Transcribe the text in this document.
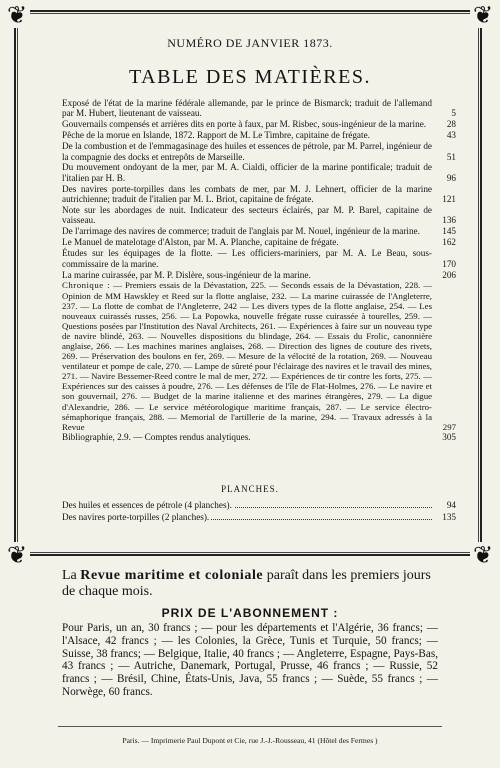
❦	❦
❦	❦
NUMÉRO DE JANVIER 1873.
TABLE DES MATIÈRES.
Exposé de l'état de la marine fédérale allemande, par le prince de Bismarck; traduit de l'allemand par M. Hubert, lieutenant de vaisseau.	5
Gouvernails compensés et arrières dits en porte à faux, par M. Risbec, sous-ingénieur de la marine.	28
Pêche de la morue en Islande, 1872. Rapport de M. Le Timbre, capitaine de frégate.	43
De la combustion et de l'emmagasinage des huiles et essences de pétrole, par M. Parrel, ingénieur de la compagnie des docks et entrepôts de Marseille.	51
Du mouvement ondoyant de la mer, par M. A. Cialdi, officier de la marine pontificale; traduit de l'italien par H. B.	96
Des navires porte-torpilles dans les combats de mer, par M. J. Lehnert, officier de la marine autrichienne; traduit de l'italien par M. L. Briot, capitaine de frégate.	121
Note sur les abordages de nuit. Indicateur des secteurs éclairés, par M. P. Barel, capitaine de vaisseau.	136
De l'arrimage des navires de commerce; traduit de l'anglais par M. Nouel, ingénieur de la marine.	145
Le Manuel de matelotage d'Alston, par M. A. Planche, capitaine de frégate.	162
Études sur les équipages de la flotte. — Les officiers-mariniers, par M. A. Le Beau, sous-commissaire de la marine.	170
La marine cuirassée, par M. P. Dislère, sous-ingénieur de la marine.	206
Chronique : — Premiers essais de la Dévastation, 225. — Seconds essais de la Dévastation, 228. — Opinion de MM Hawskley et Reed sur la flotte anglaise, 232. — La marine cuirassée de l'Angleterre, 237. — La flotte de combat de l'Angleterre, 242 — Les divers types de la flotte anglaise, 254. — Les nouveaux cuirassés russes, 256. — La Popowka, nouvelle frégate russe cuirassée à tourelles, 259. — Questions posées par l'Institution des Naval Architects, 261. — Expériences à faire sur un nouveau type de navire blindé, 263. — Nouvelles dispositions du blindage, 264. — Essais du Frolic, canonnière anglaise, 266. — Les machines marines anglaises, 268. — Direction des lignes de couture des rivets, 269. — Préservation des boulons en fer, 269. — Mesure de la vélocité de la rotation, 269. — Nouveau ventilateur et pompe de cale, 270. — Lampe de sûreté pour l'éclairage des navires et le travail des mines, 271. — Navire Bessemer-Reed contre le mal de mer, 272. — Expériences de tir contre les forts, 275. — Expériences sur des caisses à poudre, 276. — Les défenses de l'île de Flat-Holmes, 276. — Le navire et son gouvernail, 276. — Budget de la marine italienne et des marines étrangères, 279. — La digue d'Alexandrie, 286. — Le service météorologique maritime français, 287. — Le service électro-sémaphorique français, 288. — Memorial de l'artillerie de la marine, 294. — Travaux adressés à la Revue	297
Bibliographie, 2.9. — Comptes rendus analytiques.	305
PLANCHES.
Des huiles et essences de pétrole (4 planches).	94
Des navires porte-torpilles (2 planches).	135
La Revue maritime et coloniale paraît dans les premiers jours de chaque mois.
PRIX DE L'ABONNEMENT :
Pour Paris, un an, 30 francs ; — pour les départements et l'Algérie, 36 francs; — l'Alsace, 42 francs ; — les Colonies, la Grèce, Tunis et Turquie, 50 francs; — Suisse, 38 francs; — Belgique, Italie, 40 francs ; — Angleterre, Espagne, Pays-Bas, 43 francs ; — Autriche, Danemark, Portugal, Prusse, 46 francs ; — Russie, 52 francs ; — Brésil, Chine, États-Unis, Java, 55 francs ; — Suède, 55 francs ; — Norwège, 60 francs.
Paris. — Imprimerie Paul Dupont et Cie, rue J.-J.-Rousseau, 41 (Hôtel des Fermes )
